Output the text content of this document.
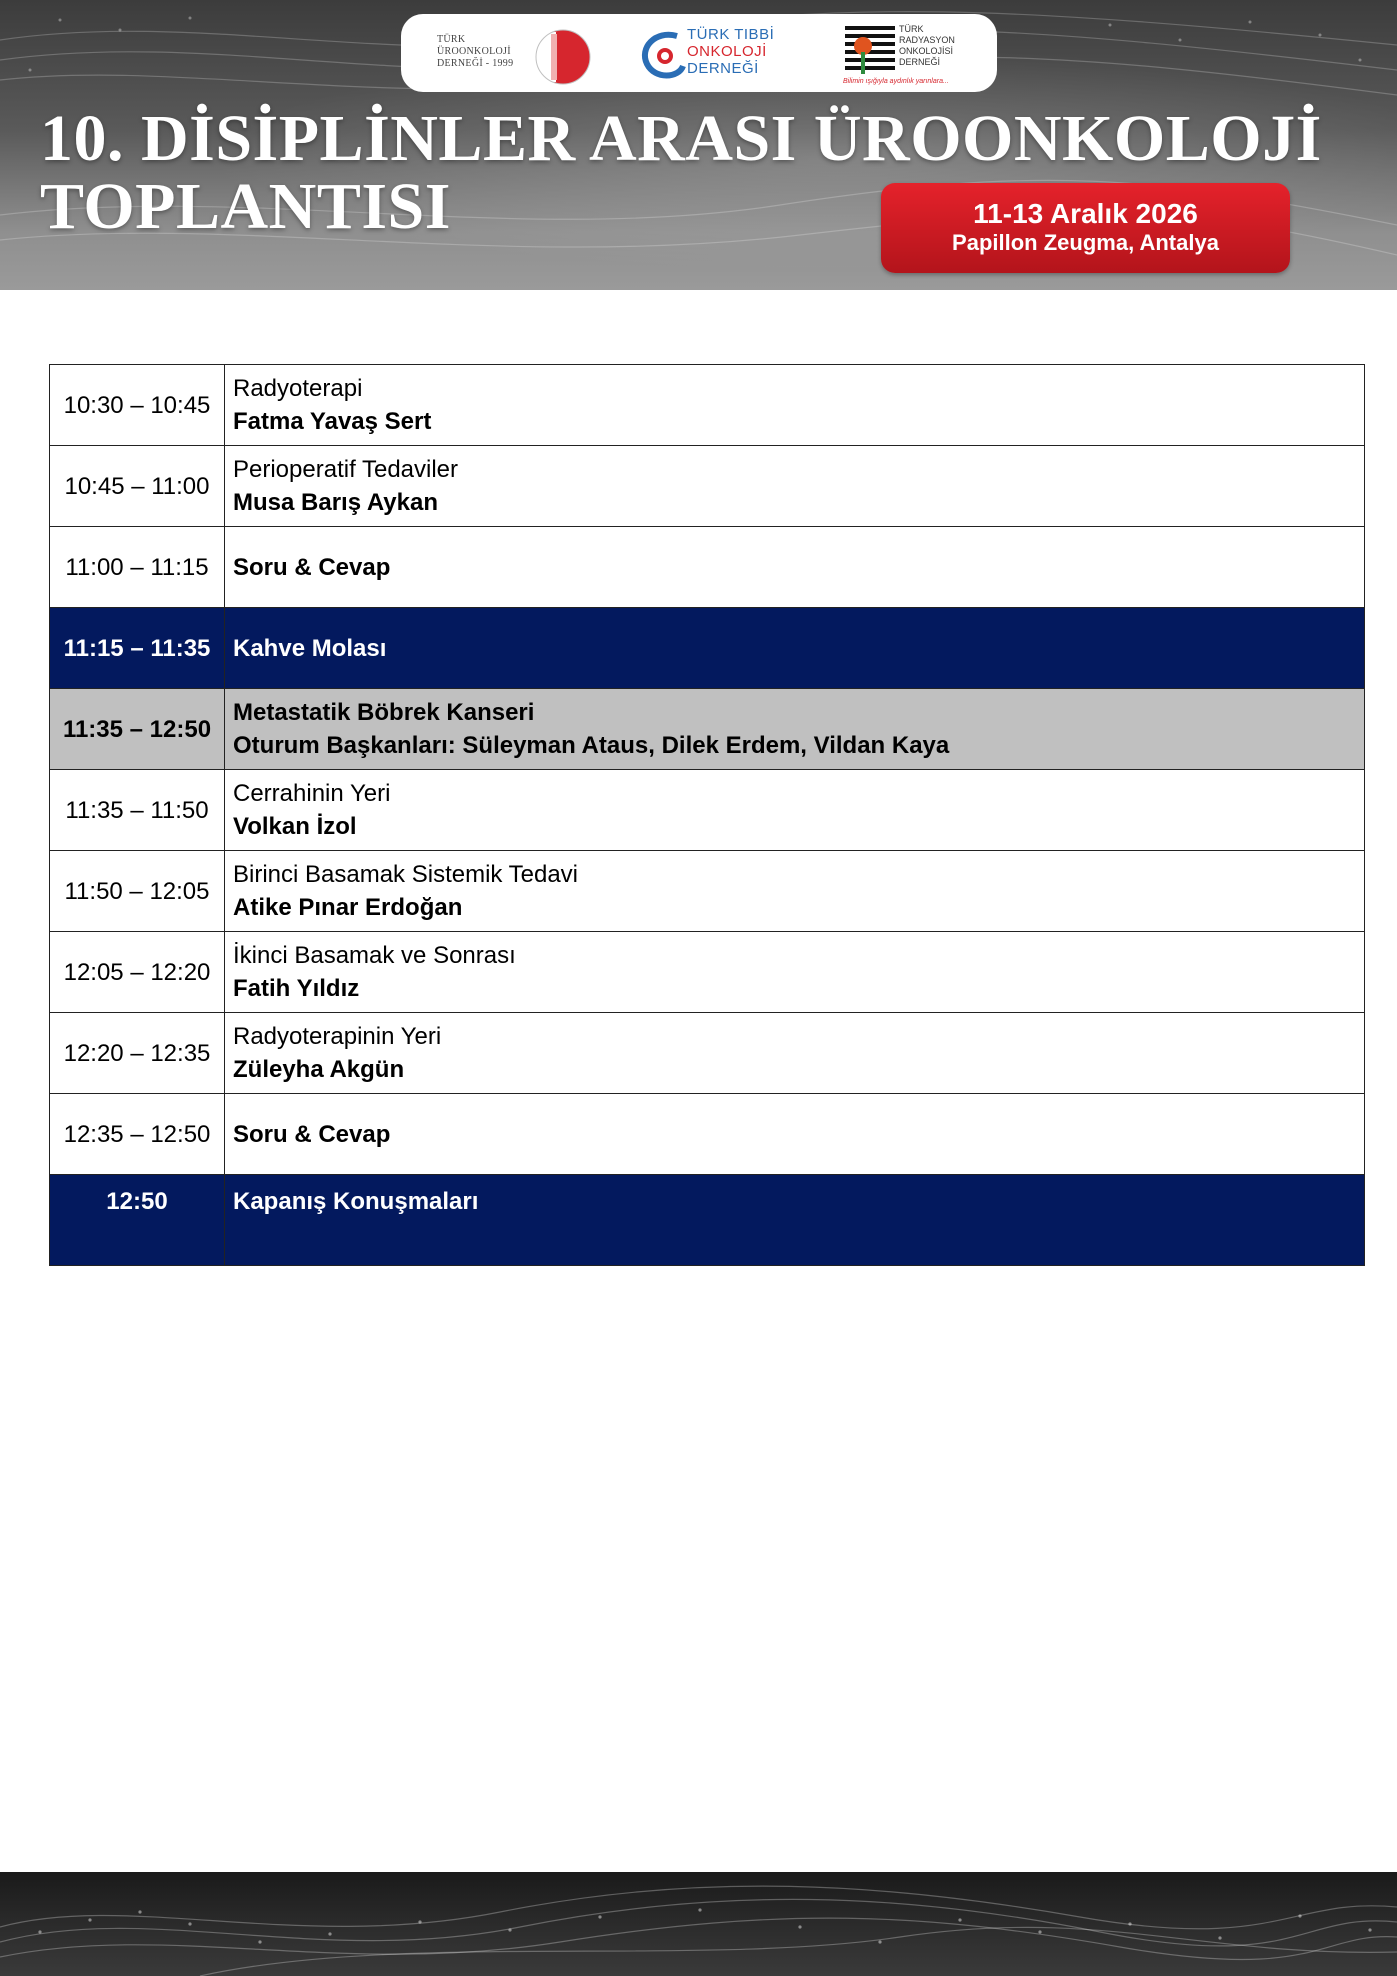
TÜRK
ÜROONKOLOJİ
DERNEĞİ - 1999
TÜRK TIBBİ
ONKOLOJİ
DERNEĞİ
TÜRK
RADYASYON
ONKOLOJİSİ
DERNEĞİ
Bilimin ışığıyla aydınlık yarınlara...
10. DİSİPLİNLER ARASI ÜROONKOLOJİ
TOPLANTISI	11-13 Aralık 2026
Papillon Zeugma, Antalya
10:30 – 10:45	Radyoterapi
Fatma Yavaş Sert

10:45 – 11:00	Perioperatif Tedaviler
Musa Barış Aykan

11:00 – 11:15	Soru & Cevap

11:15 – 11:35	Kahve Molası

11:35 – 12:50	Metastatik Böbrek Kanseri
Oturum Başkanları: Süleyman Ataus, Dilek Erdem, Vildan Kaya

11:35 – 11:50	Cerrahinin Yeri
Volkan İzol

11:50 – 12:05	Birinci Basamak Sistemik Tedavi
Atike Pınar Erdoğan

12:05 – 12:20	İkinci Basamak ve Sonrası
Fatih Yıldız

12:20 – 12:35	Radyoterapinin Yeri
Züleyha Akgün

12:35 – 12:50	Soru & Cevap

12:50	Kapanış Konuşmaları
